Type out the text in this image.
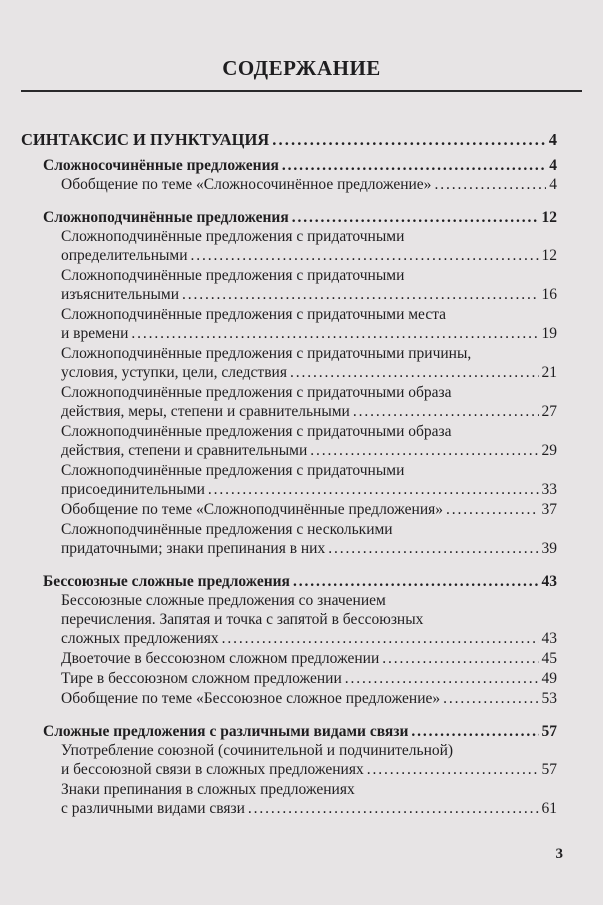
СОДЕРЖАНИЕ
СИНТАКСИС И ПУНКТУАЦИЯ . . .	4
Сложносочинённые предложения . . .	4
Обобщение по теме «Сложносочинённое предложение» . . .	4
Сложноподчинённые предложения . . .	12
Сложноподчинённые предложения с придаточными
определительными . . .	12
Сложноподчинённые предложения с придаточными
изъяснительными . . .	16
Сложноподчинённые предложения с придаточными места
и времени . . .	19
Сложноподчинённые предложения с придаточными причины,
условия, уступки, цели, следствия . . .	21
Сложноподчинённые предложения с придаточными образа
действия, меры, степени и сравнительными . . .	27
Сложноподчинённые предложения с придаточными образа
действия, степени и сравнительными . . .	29
Сложноподчинённые предложения с придаточными
присоединительными . . .	33
Обобщение по теме «Сложноподчинённые предложения» . . .	37
Сложноподчинённые предложения с несколькими
придаточными; знаки препинания в них . . .	39
Бессоюзные сложные предложения . . .	43
Бессоюзные сложные предложения со значением
перечисления. Запятая и точка с запятой в бессоюзных
сложных предложениях . . .	43
Двоеточие в бессоюзном сложном предложении . . .	45
Тире в бессоюзном сложном предложении . . .	49
Обобщение по теме «Бессоюзное сложное предложение» . . .	53
Сложные предложения с различными видами связи . . .	57
Употребление союзной (сочинительной и подчинительной)
и бессоюзной связи в сложных предложениях . . .	57
Знаки препинания в сложных предложениях
с различными видами связи . . .	61
3
